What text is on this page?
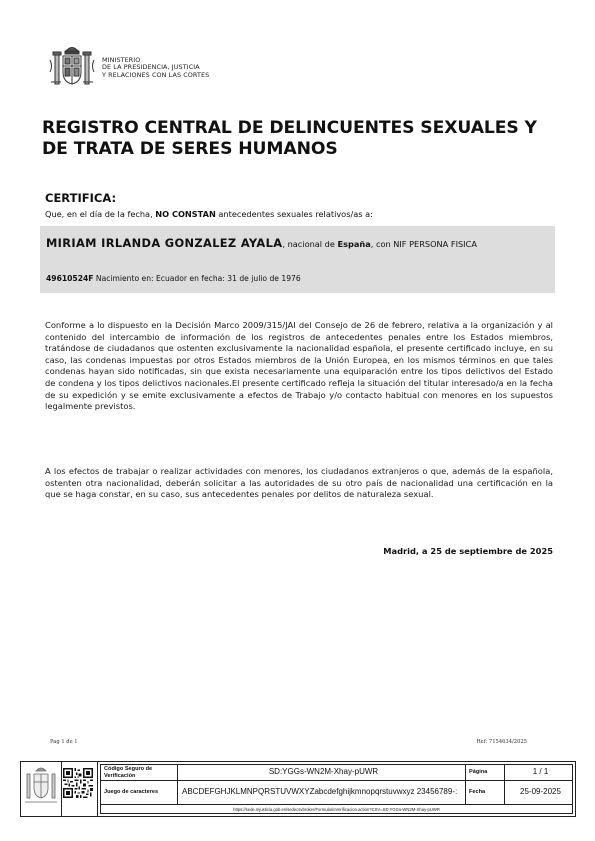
MINISTERIO
DE LA PRESIDENCIA, JUSTICIA
Y RELACIONES CON LAS CORTES
REGISTRO CENTRAL DE DELINCUENTES SEXUALES Y
DE TRATA DE SERES HUMANOS
CERTIFICA:
Que, en el día de la fecha, NO CONSTAN antecedentes sexuales relativos/as a:
MIRIAM IRLANDA GONZALEZ AYALA, nacional de España, con NIF PERSONA FISICA
49610524F Nacimiento en: Ecuador en fecha: 31 de julio de 1976
Conforme a lo dispuesto en la Decisión Marco 2009/315/JAI del Consejo de 26 de febrero, relativa a la organización y al contenido del intercambio de información de los registros de antecedentes penales entre los Estados miembros, tratándose de ciudadanos que ostenten exclusivamente la nacionalidad española, el presente certificado incluye, en su caso, las condenas impuestas por otros Estados miembros de la Unión Europea, en los mismos términos en que tales condenas hayan sido notificadas, sin que exista necesariamente una equiparación entre los tipos delictivos del Estado de condena y los tipos delictivos nacionales.El presente certificado refleja la situación del titular interesado/a en la fecha de su expedición y se emite exclusivamente a efectos de Trabajo y/o contacto habitual con menores en los supuestos legalmente previstos.
A los efectos de trabajar o realizar actividades con menores, los ciudadanos extranjeros o que, además de la española, ostenten otra nacionalidad, deberán solicitar a las autoridades de su otro país de nacionalidad una certificación en la que se haga constar, en su caso, sus antecedentes penales por delitos de naturaleza sexual.
Madrid, a 25 de septiembre de 2025
Pag 1 de 1	Ref: 7154634/2025
Código Seguro de Verificación	SD:YGGs-WN2M-Xhay-pUWR	Página	1 / 1
Juego de caracteres	ABCDEFGHJKLMNPQRSTUVWXYZabcdefghijkmnopqrstuvwxyz 23456789-:	Fecha	25-09-2025
https://sede.mjusticia.gob.es/sedecsvbroker/FormularioVerificacion.action?CSV=SD:YGGs-WN2M-Xhay-pUWR
